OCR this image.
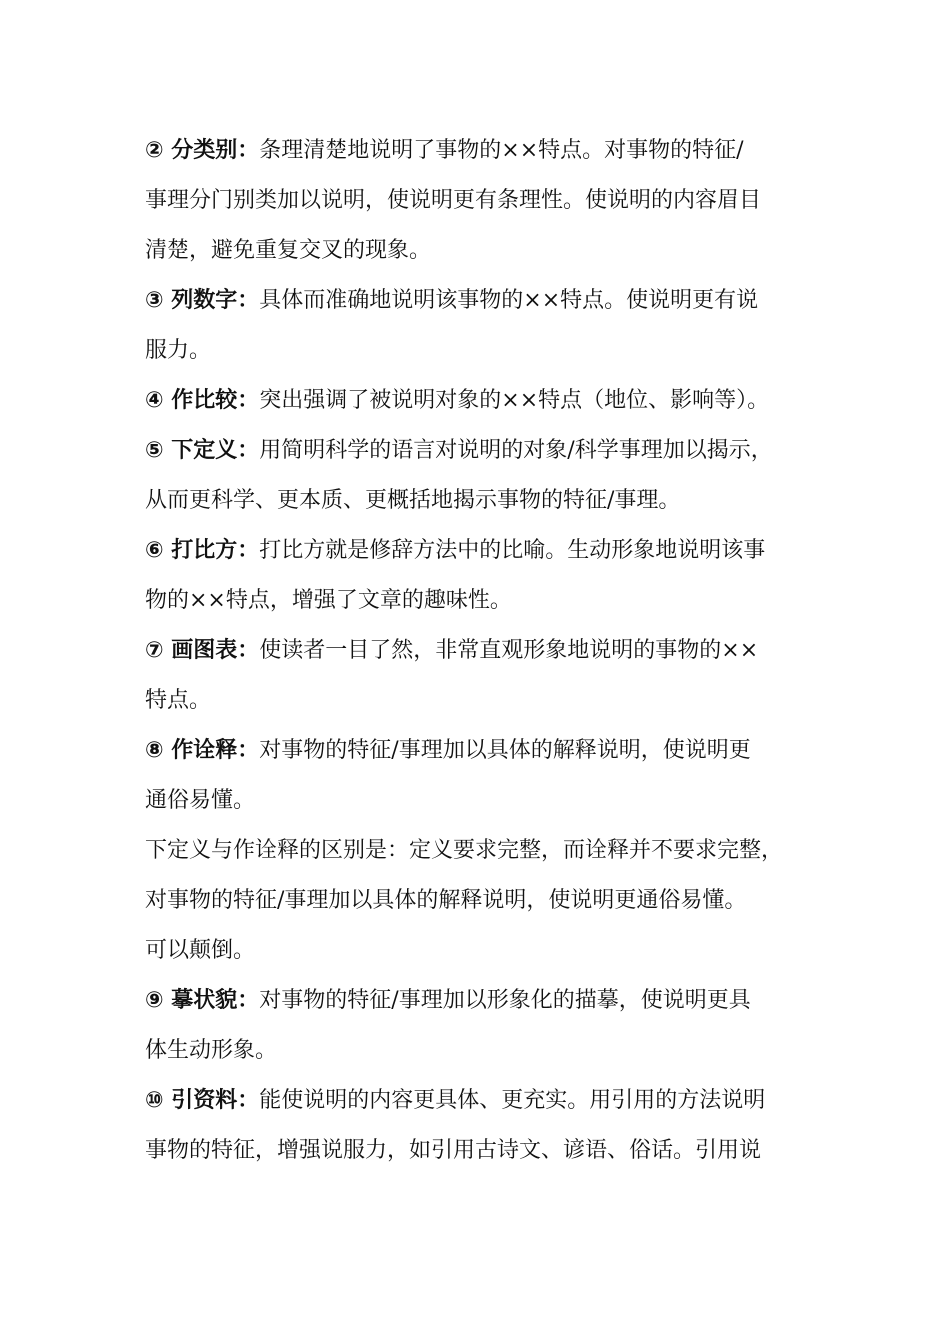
② 分类别：条理清楚地说明了事物的××特点。对事物的特征/
事理分门别类加以说明，使说明更有条理性。使说明的内容眉目
清楚，避免重复交叉的现象。
③ 列数字：具体而准确地说明该事物的××特点。使说明更有说
服力。
④ 作比较：突出强调了被说明对象的××特点（地位、影响等）。
⑤ 下定义：用简明科学的语言对说明的对象/科学事理加以揭示，
从而更科学、更本质、更概括地揭示事物的特征/事理。
⑥ 打比方：打比方就是修辞方法中的比喻。生动形象地说明该事
物的××特点，增强了文章的趣味性。
⑦ 画图表：使读者一目了然，非常直观形象地说明的事物的××
特点。
⑧ 作诠释：对事物的特征/事理加以具体的解释说明，使说明更
通俗易懂。
下定义与作诠释的区别是：定义要求完整，而诠释并不要求完整，
对事物的特征/事理加以具体的解释说明，使说明更通俗易懂。
可以颠倒。
⑨ 摹状貌：对事物的特征/事理加以形象化的描摹，使说明更具
体生动形象。
⑩ 引资料：能使说明的内容更具体、更充实。用引用的方法说明
事物的特征，增强说服力，如引用古诗文、谚语、俗话。引用说
